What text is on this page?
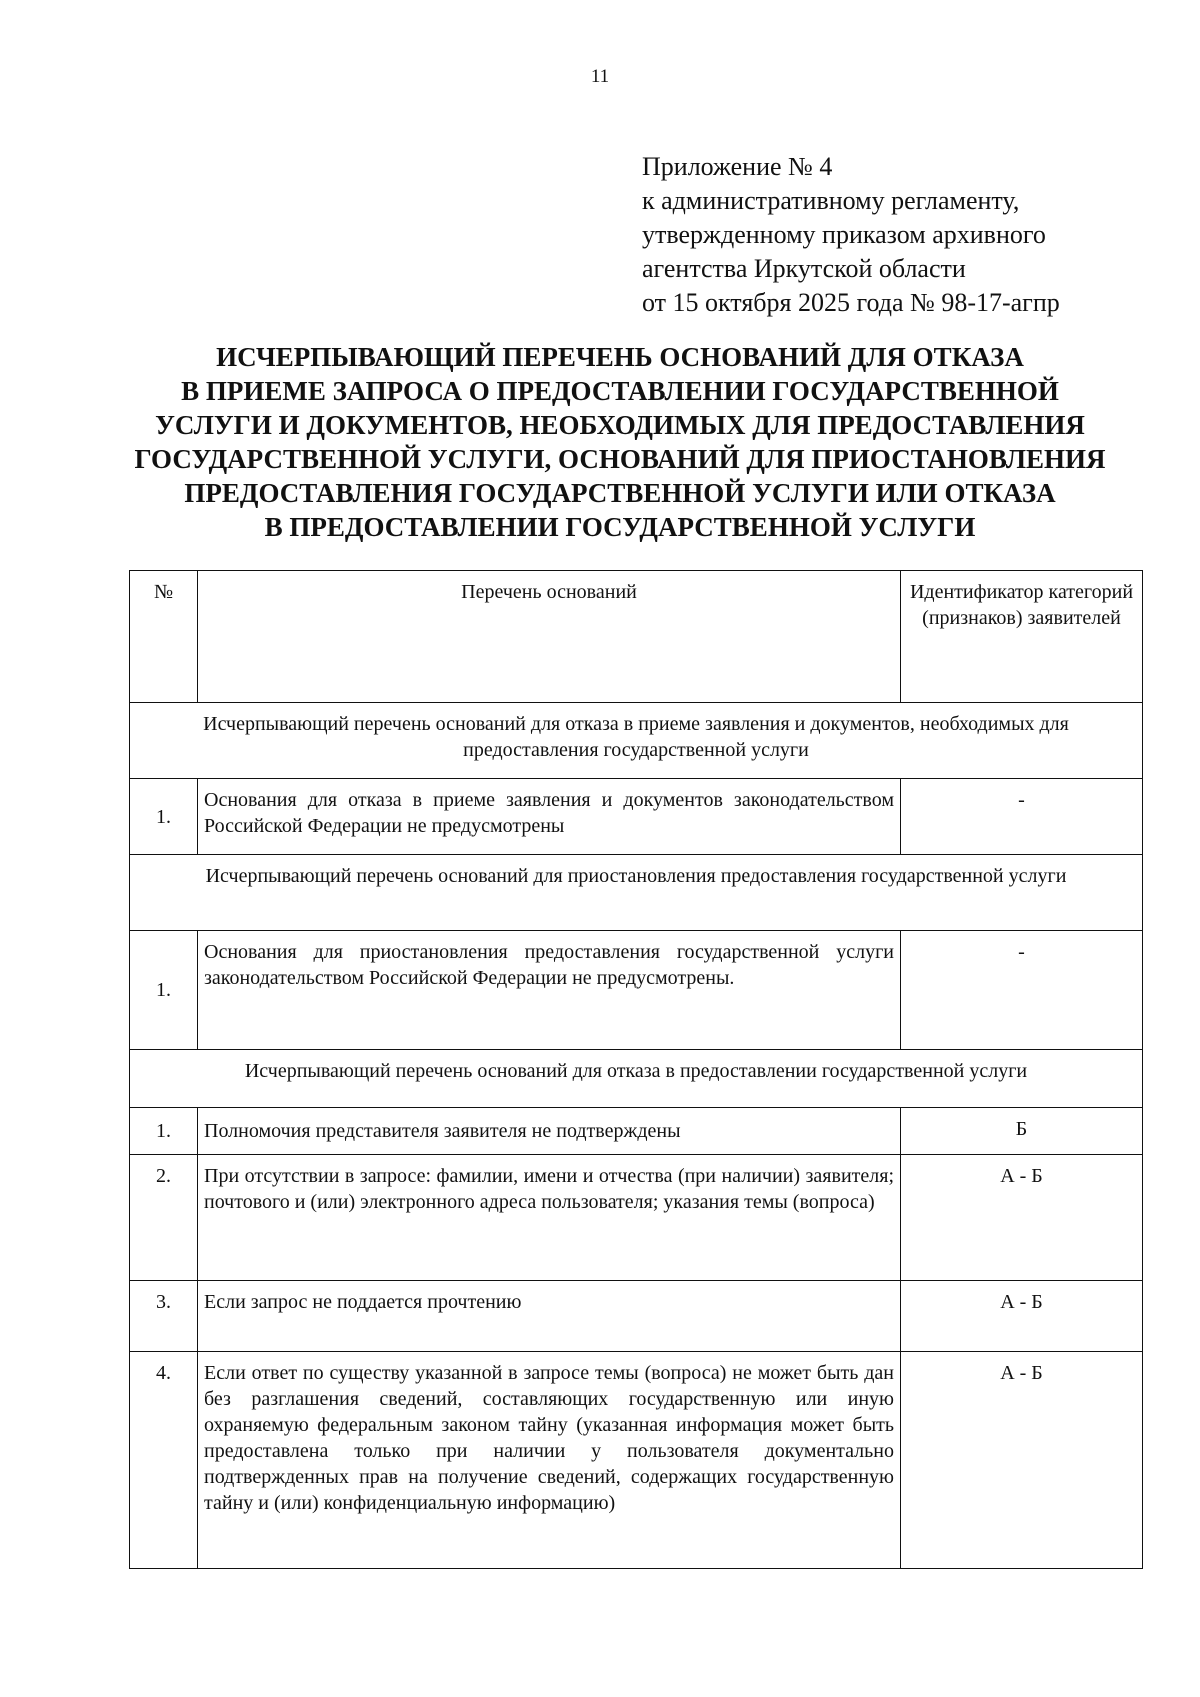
11
Приложение № 4
к административному регламенту,
утвержденному приказом архивного
агентства Иркутской области
от 15 октября 2025 года № 98-17-агпр
ИСЧЕРПЫВАЮЩИЙ ПЕРЕЧЕНЬ ОСНОВАНИЙ ДЛЯ ОТКАЗА
В ПРИЕМЕ ЗАПРОСА О ПРЕДОСТАВЛЕНИИ ГОСУДАРСТВЕННОЙ
УСЛУГИ И ДОКУМЕНТОВ, НЕОБХОДИМЫХ ДЛЯ ПРЕДОСТАВЛЕНИЯ
ГОСУДАРСТВЕННОЙ УСЛУГИ, ОСНОВАНИЙ ДЛЯ ПРИОСТАНОВЛЕНИЯ
ПРЕДОСТАВЛЕНИЯ ГОСУДАРСТВЕННОЙ УСЛУГИ ИЛИ ОТКАЗА
В ПРЕДОСТАВЛЕНИИ ГОСУДАРСТВЕННОЙ УСЛУГИ
№	Перечень оснований	Идентификатор категорий (признаков) заявителей
Исчерпывающий перечень оснований для отказа в приеме заявления и документов, необходимых для предоставления государственной услуги		
1.	Основания для отказа в приеме заявления и документов законодательством Российской Федерации не предусмотрены	-
Исчерпывающий перечень оснований для приостановления предоставления государственной услуги		
1.	Основания для приостановления предоставления государственной услуги законодательством Российской Федерации не предусмотрены.	-
Исчерпывающий перечень оснований для отказа в предоставлении государственной услуги		
1.	Полномочия представителя заявителя не подтверждены	Б
2.	При отсутствии в запросе: фамилии, имени и отчества (при наличии) заявителя; почтового и (или) электронного адреса пользователя; указания темы (вопроса)	А - Б
3.	Если запрос не поддается прочтению	А - Б
4.	Если ответ по существу указанной в запросе темы (вопроса) не может быть дан без разглашения сведений, составляющих государственную или иную охраняемую федеральным законом тайну (указанная информация может быть предоставлена только при наличии у пользователя документально подтвержденных прав на получение сведений, содержащих государственную тайну и (или) конфиденциальную информацию)	А - Б
